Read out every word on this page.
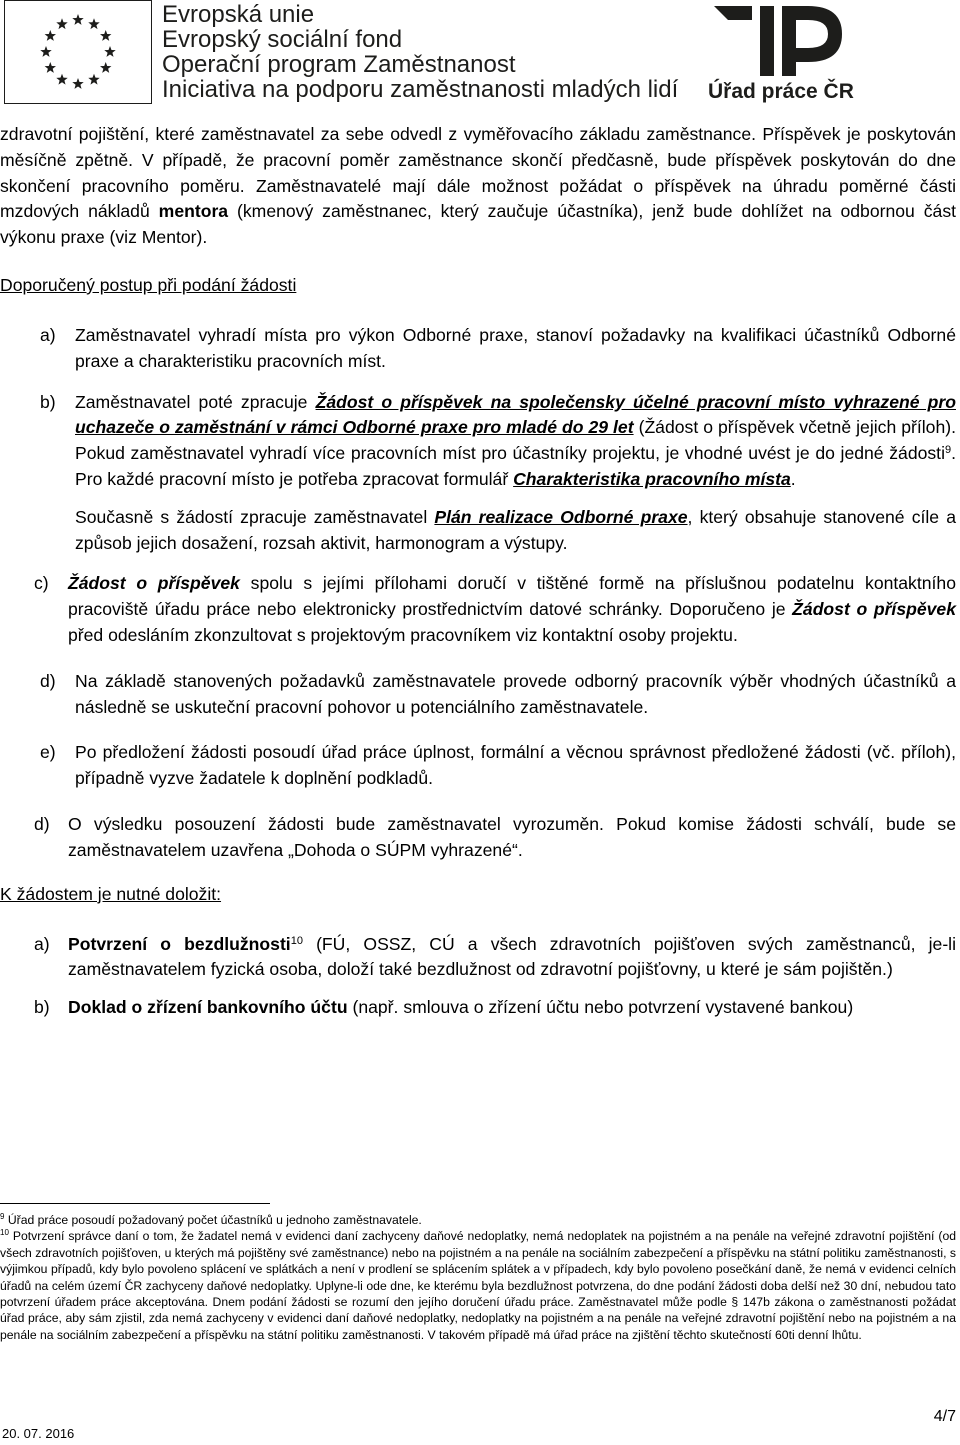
Evropská unie
Evropský sociální fond
Operační program Zaměstnanost
Iniciativa na podporu zaměstnanosti mladých lidí Úřad práce ČR

zdravotní pojištění, které zaměstnavatel za sebe odvedl z vyměřovacího základu zaměstnance. Příspěvek je poskytován měsíčně zpětně. V případě, že pracovní poměr zaměstnance skončí předčasně, bude příspěvek poskytován do dne skončení pracovního poměru. Zaměstnavatelé mají dále možnost požádat o příspěvek na úhradu poměrné části mzdových nákladů mentora (kmenový zaměstnanec, který zaučuje účastníka), jenž bude dohlížet na odbornou část výkonu praxe (viz Mentor).

Doporučený postup při podání žádosti
a) Zaměstnavatel vyhradí místa pro výkon Odborné praxe, stanoví požadavky na kvalifikaci účastníků Odborné praxe a charakteristiku pracovních míst.
b) Zaměstnavatel poté zpracuje Žádost o příspěvek na společensky účelné pracovní místo vyhrazené pro uchazeče o zaměstnání v rámci Odborné praxe pro mladé do 29 let (Žádost o příspěvek včetně jejich příloh). Pokud zaměstnavatel vyhradí více pracovních míst pro účastníky projektu, je vhodné uvést je do jedné žádosti$^9$. Pro každé pracovní místo je potřeba zpracovat formulář Charakteristika pracovního místa.
Současně s žádostí zpracuje zaměstnavatel Plán realizace Odborné praxe, který obsahuje stanovené cíle a způsob jejich dosažení, rozsah aktivit, harmonogram a výstupy.
c) Žádost o příspěvek spolu s jejími přílohami doručí v tištěné formě na příslušnou podatelnu kontaktního pracoviště úřadu práce nebo elektronicky prostřednictvím datové schránky. Doporučeno je Žádost o příspěvek před odesláním zkonzultovat s projektovým pracovníkem viz kontaktní osoby projektu.
d) Na základě stanovených požadavků zaměstnavatele provede odborný pracovník výběr vhodných účastníků a následně se uskuteční pracovní pohovor u potenciálního zaměstnavatele.
e) Po předložení žádosti posoudí úřad práce úplnost, formální a věcnou správnost předložené žádosti (vč. příloh), případně vyzve žadatele k doplnění podkladů.
d) O výsledku posouzení žádosti bude zaměstnavatel vyrozuměn. Pokud komise žádosti schválí, bude se zaměstnavatelem uzavřena „Dohoda o SÚPM vyhrazené“.
K žádostem je nutné doložit:
a) Potvrzení o bezdlužnosti$^{10}$ (FÚ, OSSZ, CÚ a všech zdravotních pojišťoven svých zaměstnanců, je-li zaměstnavatelem fyzická osoba, doloží také bezdlužnost od zdravotní pojišťovny, u které je sám pojištěn.)
b) Doklad o zřízení bankovního účtu (např. smlouva o zřízení účtu nebo potvrzení vystavené bankou)

$^9$ Úřad práce posoudí požadovaný počet účastníků u jednoho zaměstnavatele.

$^{10}$ Potvrzení správce daní o tom, že žadatel nemá v evidenci daní zachyceny daňové nedoplatky, nemá nedoplatek na pojistném a na penále na veřejné zdravotní pojištění (od všech zdravotních pojišťoven, u kterých má pojištěny své zaměstnance) nebo na pojistném a na penále na sociálním zabezpečení a příspěvku na státní politiku zaměstnanosti, s výjimkou případů, kdy bylo povoleno splácení ve splátkách a není v prodlení se splácením splátek a v případech, kdy bylo povoleno posečkání daně, že nemá v evidenci celních úřadů na celém území ČR zachyceny daňové nedoplatky. Uplyne-li ode dne, ke kterému byla bezdlužnost potvrzena, do dne podání žádosti doba delší než 30 dní, nebudou tato potvrzení úřadem práce akceptována. Dnem podání žádosti se rozumí den jejího doručení úřadu práce. Zaměstnavatel může podle § 147b zákona o zaměstnanosti požádat úřad práce, aby sám zjistil, zda nemá zachyceny v evidenci daní daňové nedoplatky, nedoplatky na pojistném a na penále na veřejné zdravotní pojištění nebo na pojistném a na penále na sociálním zabezpečení a příspěvku na státní politiku zaměstnanosti. V takovém případě má úřad práce na zjištění těchto skutečností 60ti denní lhůtu.

20. 07. 2016
4/7
